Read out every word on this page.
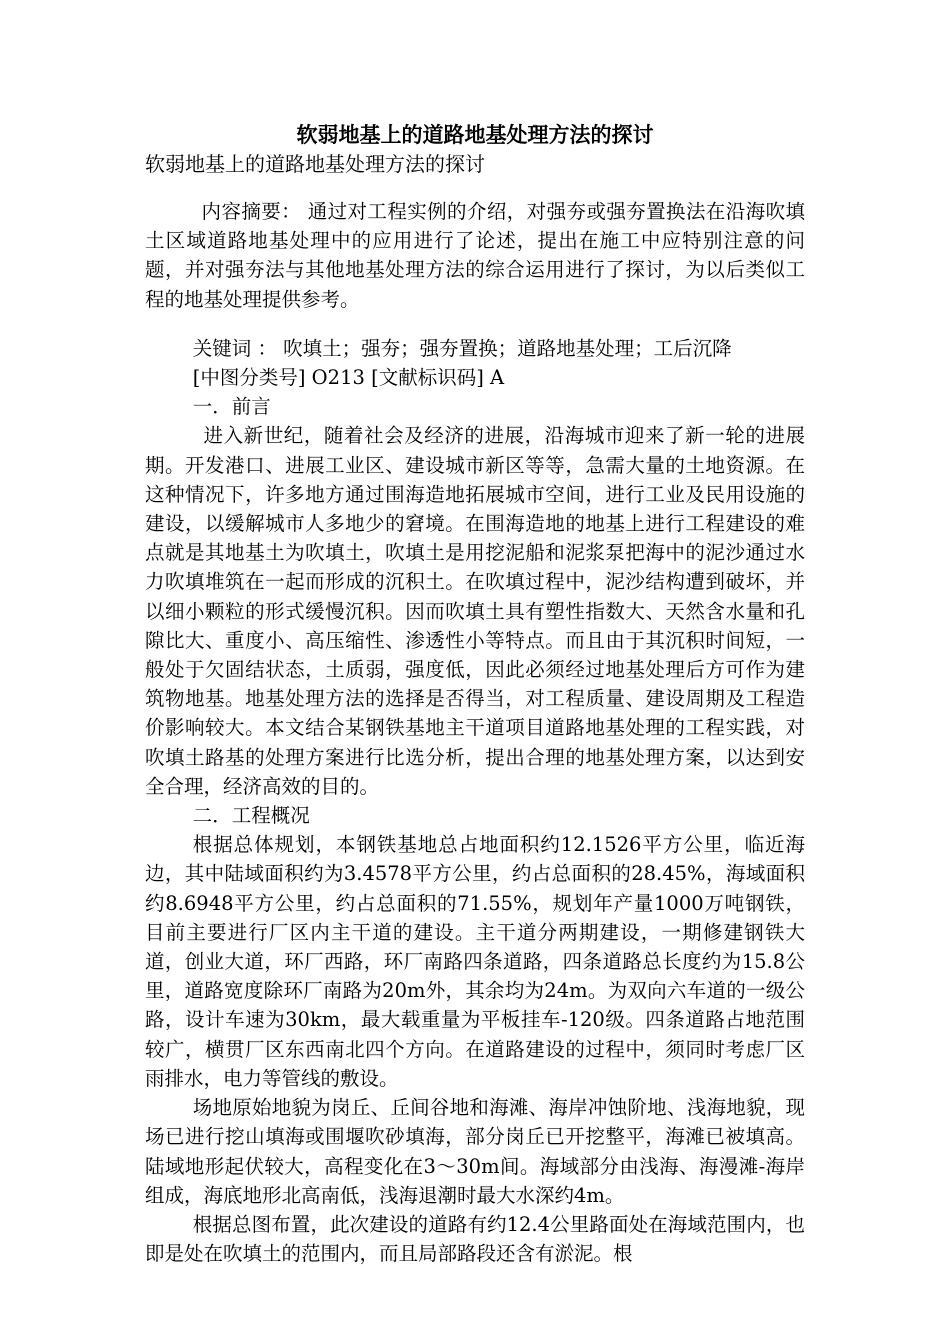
软弱地基上的道路地基处理方法的探讨

软弱地基上的道路地基处理方法的探讨

内容摘要： 通过对工程实例的介绍，对强夯或强夯置换法在沿海吹填土区域道路地基处理中的应用进行了论述，提出在施工中应特别注意的问题，并对强夯法与其他地基处理方法的综合运用进行了探讨，为以后类似工程的地基处理提供参考。

关键词 ： 吹填土；强夯；强夯置换；道路地基处理；工后沉降

[中图分类号] O213 [文献标识码] A

一．前言

进入新世纪，随着社会及经济的进展，沿海城市迎来了新一轮的进展期。开发港口、进展工业区、建设城市新区等等，急需大量的土地资源。在这种情况下，许多地方通过围海造地拓展城市空间，进行工业及民用设施的建设，以缓解城市人多地少的窘境。在围海造地的地基上进行工程建设的难点就是其地基土为吹填土，吹填土是用挖泥船和泥浆泵把海中的泥沙通过水力吹填堆筑在一起而形成的沉积土。在吹填过程中，泥沙结构遭到破坏，并以细小颗粒的形式缓慢沉积。因而吹填土具有塑性指数大、天然含水量和孔隙比大、重度小、高压缩性、渗透性小等特点。而且由于其沉积时间短，一般处于欠固结状态，土质弱，强度低，因此必须经过地基处理后方可作为建筑物地基。地基处理方法的选择是否得当，对工程质量、建设周期及工程造价影响较大。本文结合某钢铁基地主干道项目道路地基处理的工程实践，对吹填土路基的处理方案进行比选分析，提出合理的地基处理方案，以达到安全合理，经济高效的目的。

二．工程概况

根据总体规划，本钢铁基地总占地面积约12.1526平方公里，临近海边，其中陆域面积约为3.4578平方公里，约占总面积的28.45%，海域面积约8.6948平方公里，约占总面积的71.55%，规划年产量1000万吨钢铁，目前主要进行厂区内主干道的建设。主干道分两期建设，一期修建钢铁大道，创业大道，环厂西路，环厂南路四条道路，四条道路总长度约为15.8公里，道路宽度除环厂南路为20m外，其余均为24m。为双向六车道的一级公路，设计车速为30km，最大载重量为平板挂车-120级。四条道路占地范围较广，横贯厂区东西南北四个方向。在道路建设的过程中，须同时考虑厂区雨排水，电力等管线的敷设。

场地原始地貌为岗丘、丘间谷地和海滩、海岸冲蚀阶地、浅海地貌，现场已进行挖山填海或围堰吹砂填海，部分岗丘已开挖整平，海滩已被填高。陆域地形起伏较大，高程变化在3～30m间。海域部分由浅海、海漫滩-海岸组成，海底地形北高南低，浅海退潮时最大水深约4m。

根据总图布置，此次建设的道路有约12.4公里路面处在海域范围内，也即是处在吹填土的范围内，而且局部路段还含有淤泥。根
